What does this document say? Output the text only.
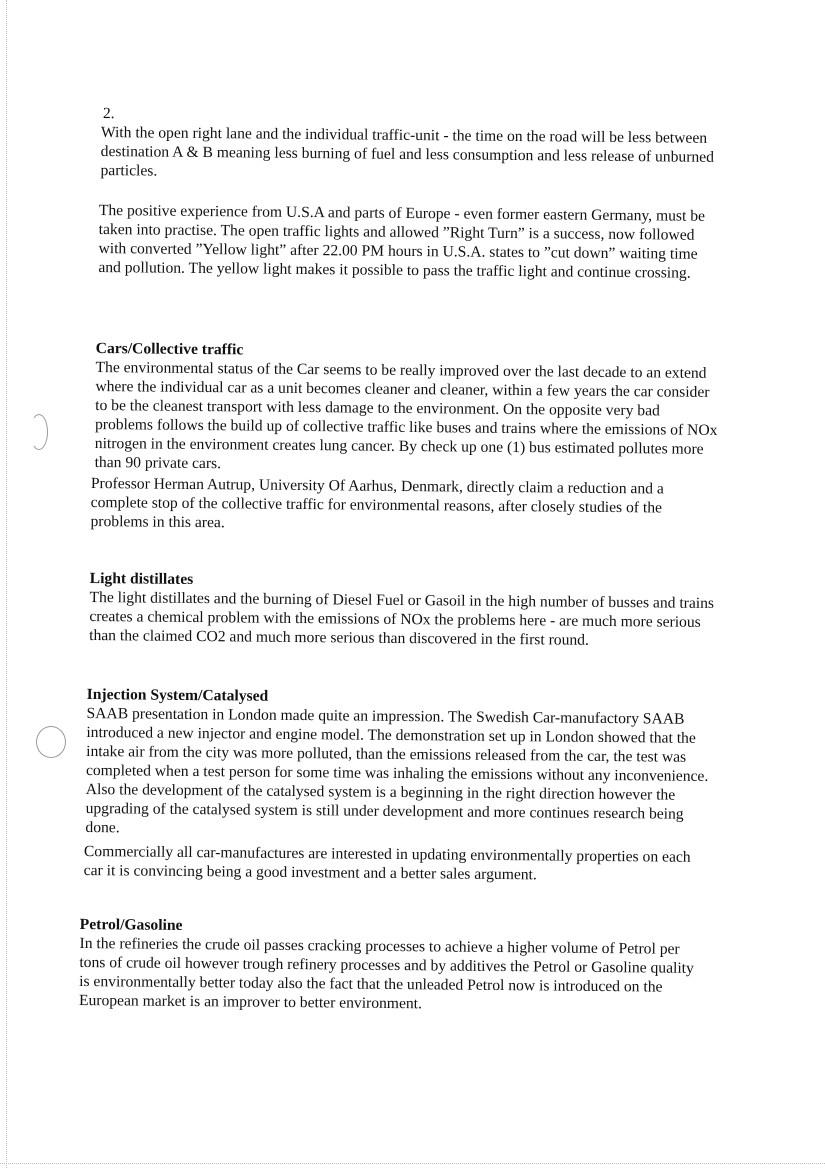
2.
With the open right lane and the individual traffic-unit - the time on the road will be less between
destination A & B meaning less burning of fuel and less consumption and less release of unburned
particles.
The positive experience from U.S.A and parts of Europe - even former eastern Germany, must be
taken into practise. The open traffic lights and allowed ”Right Turn” is a success, now followed
with converted ”Yellow light” after 22.00 PM hours in U.S.A. states to ”cut down” waiting time
and pollution. The yellow light makes it possible to pass the traffic light and continue crossing.

Cars/Collective traffic
The environmental status of the Car seems to be really improved over the last decade to an extend
where the individual car as a unit becomes cleaner and cleaner, within a few years the car consider
to be the cleanest transport with less damage to the environment. On the opposite very bad
problems follows the build up of collective traffic like buses and trains where the emissions of NOx
nitrogen in the environment creates lung cancer. By check up one (1) bus estimated pollutes more
than 90 private cars.

Professor Herman Autrup, University Of Aarhus, Denmark, directly claim a reduction and a
complete stop of the collective traffic for environmental reasons, after closely studies of the
problems in this area.

Light distillates
The light distillates and the burning of Diesel Fuel or Gasoil in the high number of busses and trains
creates a chemical problem with the emissions of NOx the problems here - are much more serious
than the claimed CO2 and much more serious than discovered in the first round.

Injection System/Catalysed
SAAB presentation in London made quite an impression. The Swedish Car-manufactory SAAB
introduced a new injector and engine model. The demonstration set up in London showed that the
intake air from the city was more polluted, than the emissions released from the car, the test was
completed when a test person for some time was inhaling the emissions without any inconvenience.
Also the development of the catalysed system is a beginning in the right direction however the
upgrading of the catalysed system is still under development and more continues research being
done.

Commercially all car-manufactures are interested in updating environmentally properties on each
car it is convincing being a good investment and a better sales argument.

Petrol/Gasoline
In the refineries the crude oil passes cracking processes to achieve a higher volume of Petrol per
tons of crude oil however trough refinery processes and by additives the Petrol or Gasoline quality
is environmentally better today also the fact that the unleaded Petrol now is introduced on the
European market is an improver to better environment.
